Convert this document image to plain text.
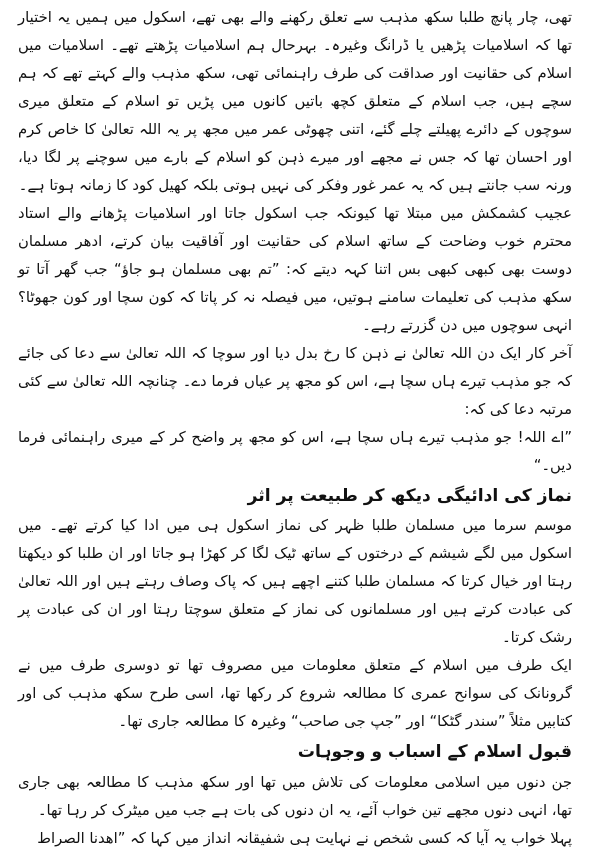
تھی، چار پانچ طلبا سکھ مذہب سے تعلق رکھنے والے بھی تھے، اسکول میں ہمیں یہ اختیار تھا کہ اسلامیات پڑھیں یا ڈرانگ وغیرہ۔ بہرحال ہم اسلامیات پڑھتے تھے۔ اسلامیات میں اسلام کی حقانیت اور صداقت کی طرف راہنمائی تھی، سکھ مذہب والے کہتے تھے کہ ہم سچے ہیں، جب اسلام کے متعلق کچھ باتیں کانوں میں پڑیں تو اسلام کے متعلق میری سوچوں کے دائرے پھیلتے چلے گئے، اتنی چھوٹی عمر میں مجھ پر یہ اللہ تعالیٰ کا خاص کرم اور احسان تھا کہ جس نے مجھے اور میرے ذہن کو اسلام کے بارے میں سوچنے پر لگا دیا، ورنہ سب جانتے ہیں کہ یہ عمر غور وفکر کی نہیں ہوتی بلکہ کھیل کود کا زمانہ ہوتا ہے۔

عجیب کشمکش میں مبتلا تھا کیونکہ جب اسکول جاتا اور اسلامیات پڑھانے والے استاد محترم خوب وضاحت کے ساتھ اسلام کی حقانیت اور آفاقیت بیان کرتے، ادھر مسلمان دوست بھی کبھی کبھی بس اتنا کہہ دیتے کہ: ”تم بھی مسلمان ہو جاؤ“ جب گھر آتا تو سکھ مذہب کی تعلیمات سامنے ہوتیں، میں فیصلہ نہ کر پاتا کہ کون سچا اور کون جھوٹا؟ انہی سوچوں میں دن گزرتے رہے۔

آخر کار ایک دن اللہ تعالیٰ نے ذہن کا رخ بدل دیا اور سوچا کہ اللہ تعالیٰ سے دعا کی جائے کہ جو مذہب تیرے ہاں سچا ہے، اس کو مجھ پر عیاں فرما دے۔ چنانچہ اللہ تعالیٰ سے کئی مرتبہ دعا کی کہ:

”اے اللہ! جو مذہب تیرے ہاں سچا ہے، اس کو مجھ پر واضح کر کے میری راہنمائی فرما دیں۔“

نماز کی ادائیگی دیکھ کر طبیعت پر اثر

موسم سرما میں مسلمان طلبا ظہر کی نماز اسکول ہی میں ادا کیا کرتے تھے۔ میں اسکول میں لگے شیشم کے درختوں کے ساتھ ٹیک لگا کر کھڑا ہو جاتا اور ان طلبا کو دیکھتا رہتا اور خیال کرتا کہ مسلمان طلبا کتنے اچھے ہیں کہ پاک وصاف رہتے ہیں اور اللہ تعالیٰ کی عبادت کرتے ہیں اور مسلمانوں کی نماز کے متعلق سوچتا رہتا اور ان کی عبادت پر رشک کرتا۔

ایک طرف میں اسلام کے متعلق معلومات میں مصروف تھا تو دوسری طرف میں نے گرونانک کی سوانح عمری کا مطالعہ شروع کر رکھا تھا، اسی طرح سکھ مذہب کی اور کتابیں مثلاً ”سندر گٹکا“ اور ”جپ جی صاحب“ وغیرہ کا مطالعہ جاری تھا۔

قبول اسلام کے اسباب و وجوہات

جن دنوں میں اسلامی معلومات کی تلاش میں تھا اور سکھ مذہب کا مطالعہ بھی جاری تھا، انہی دنوں مجھے تین خواب آئے، یہ ان دنوں کی بات ہے جب میں میٹرک کر رہا تھا۔

پہلا خواب یہ آیا کہ کسی شخص نے نہایت ہی شفیقانہ انداز میں کہا کہ ”اھدنا الصراط
